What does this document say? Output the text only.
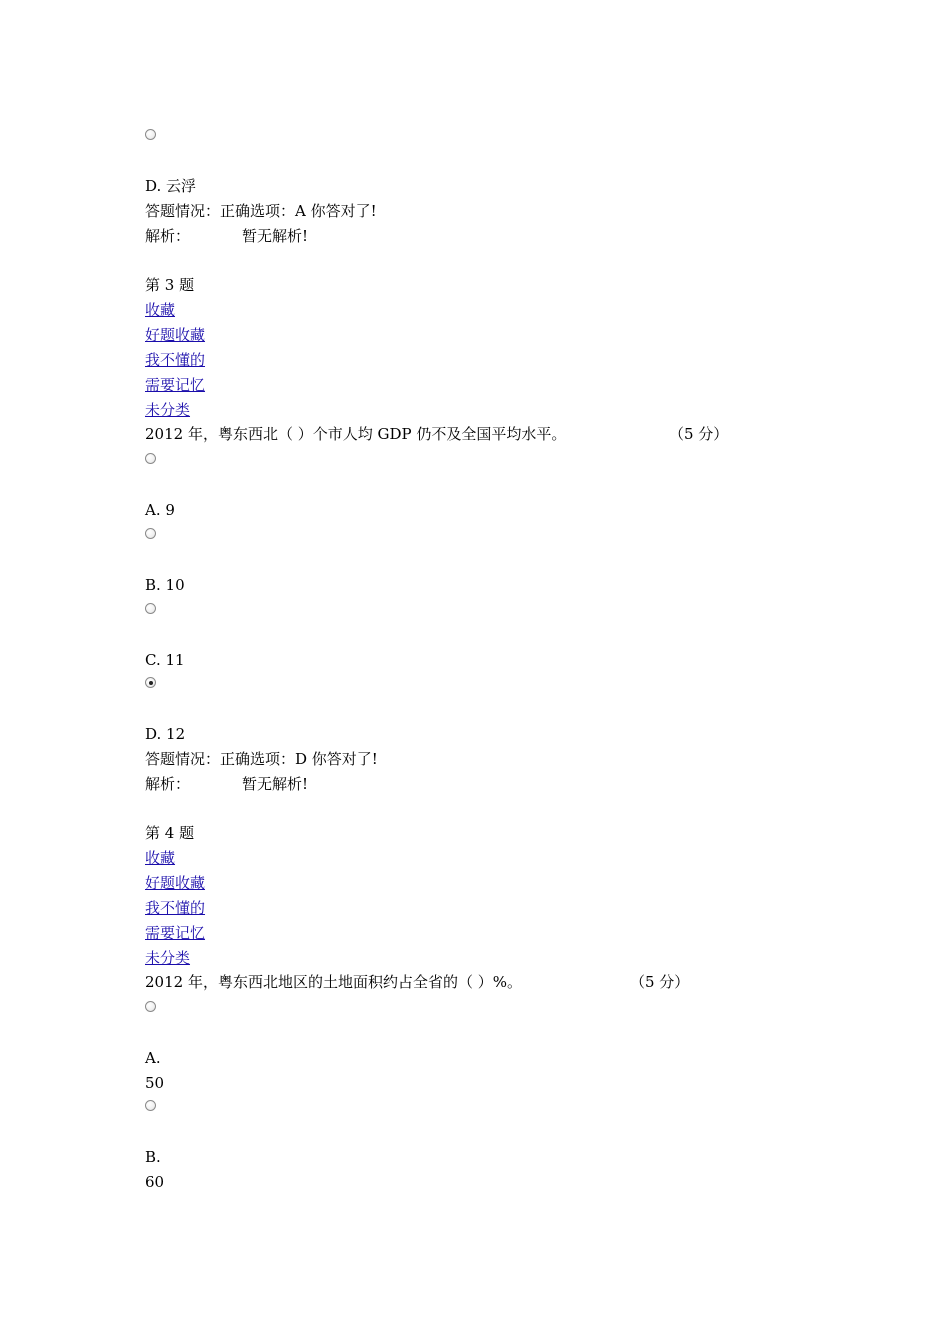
D. 云浮
答题情况：正确选项：A 你答对了!
解析：	暂无解析!
第 3 题
收藏
好题收藏
我不懂的
需要记忆
未分类
2012 年，粤东西北（ ）个市人均 GDP 仍不及全国平均水平。	（5 分）
A. 9
B. 10
C. 11
D. 12
答题情况：正确选项：D 你答对了!
解析：	暂无解析!
第 4 题
收藏
好题收藏
我不懂的
需要记忆
未分类
2012 年，粤东西北地区的土地面积约占全省的（ ）%。	（5 分）
A.
50
B.
60
